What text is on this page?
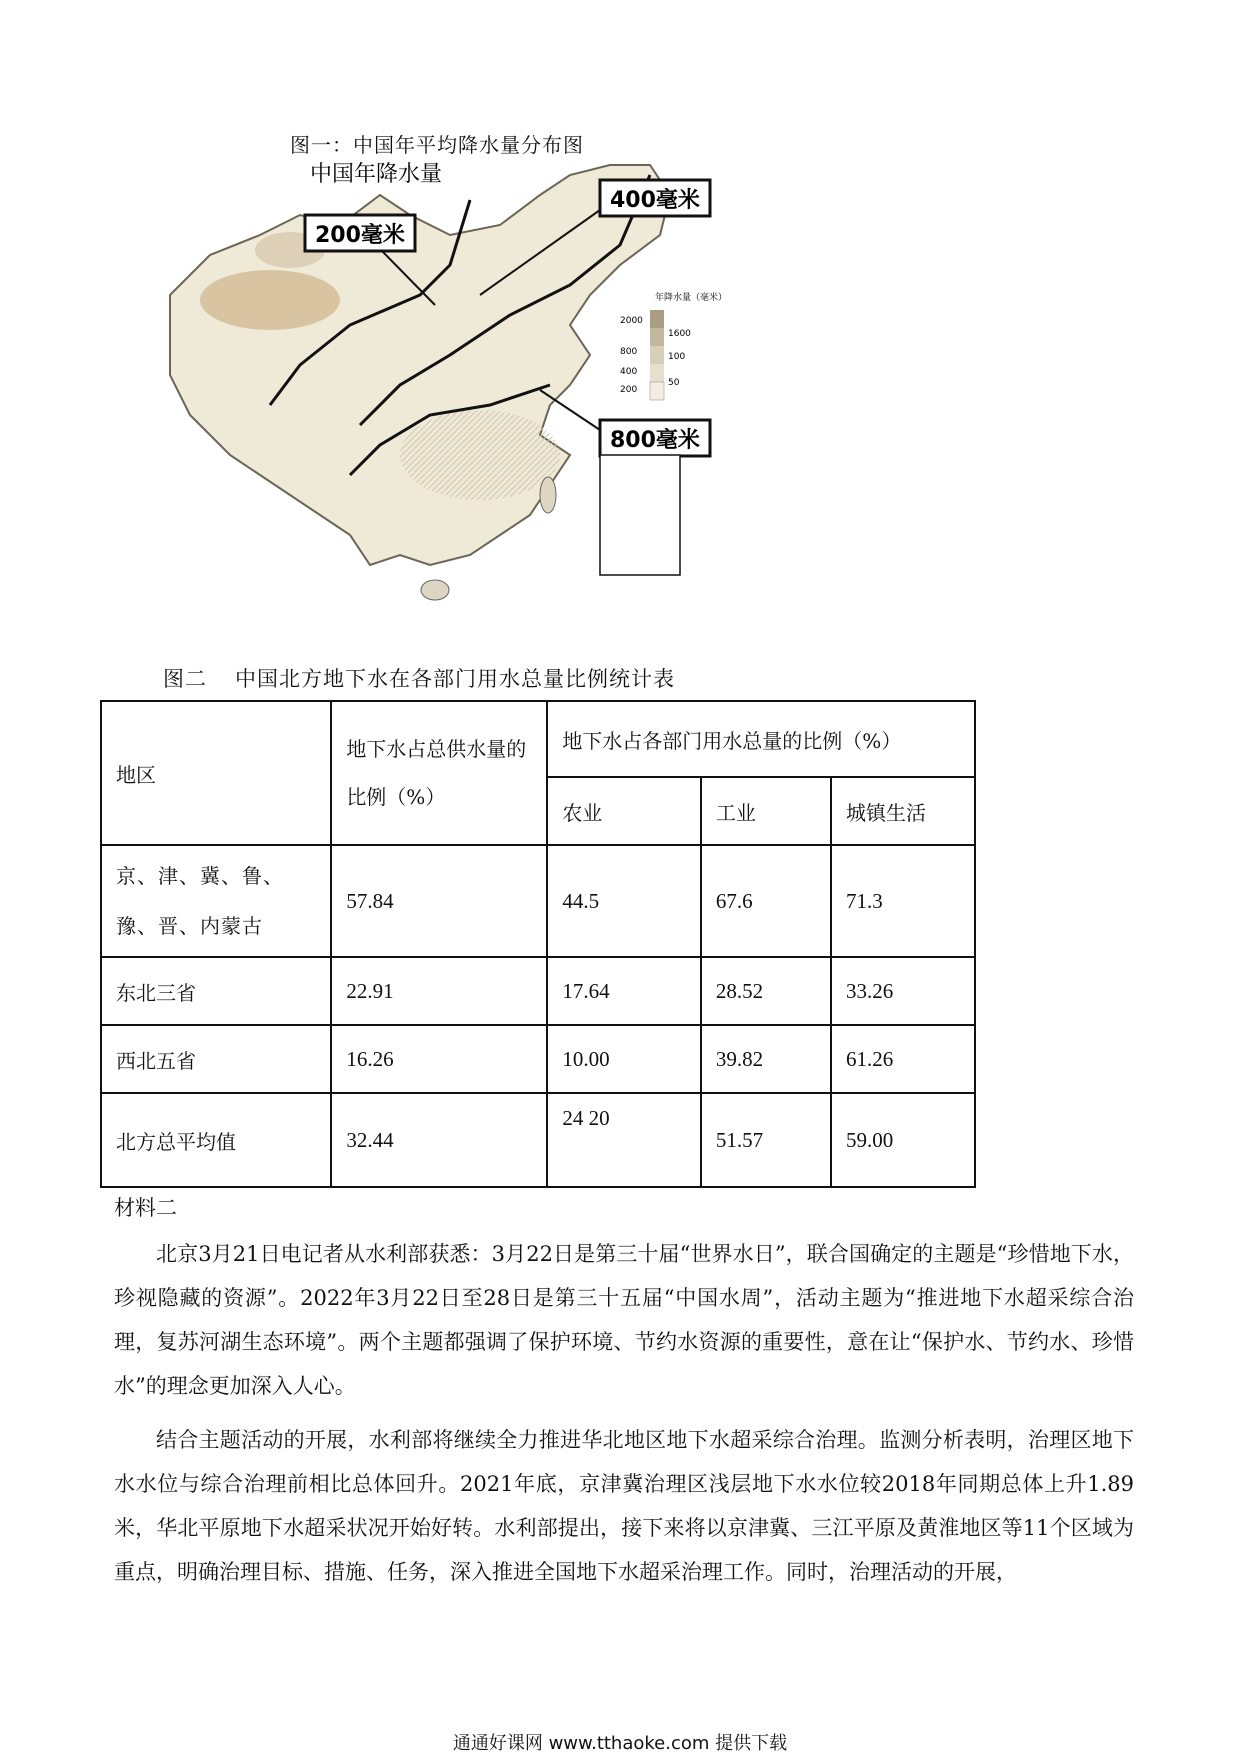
图一：中国年平均降水量分布图
中国年降水量
200毫米
400毫米
800毫米
年降水量（毫米）
2000
1600
800	100
400
200
50
图二 中国北方地下水在各部门用水总量比例统计表
地区	地下水占总供水量的比例（%）	地下水占各部门用水总量的比例（%）		
		农业	工业	城镇生活
京、津、冀、鲁、豫、晋、内蒙古	57.84	44.5	67.6	71.3
东北三省	22.91	17.64	28.52	33.26
西北五省	16.26	10.00	39.82	61.26
北方总平均值	32.44	24 20	51.57	59.00
材料二
北京3月21日电记者从水利部获悉：3月22日是第三十届“世界水日”，联合国确定的主题是“珍惜地下水，珍视隐藏的资源”。2022年3月22日至28日是第三十五届“中国水周”，活动主题为“推进地下水超采综合治理，复苏河湖生态环境”。两个主题都强调了保护环境、节约水资源的重要性，意在让“保护水、节约水、珍惜水”的理念更加深入人心。
结合主题活动的开展，水利部将继续全力推进华北地区地下水超采综合治理。监测分析表明，治理区地下水水位与综合治理前相比总体回升。2021年底，京津冀治理区浅层地下水水位较2018年同期总体上升1.89米，华北平原地下水超采状况开始好转。水利部提出，接下来将以京津冀、三江平原及黄淮地区等11个区域为重点，明确治理目标、措施、任务，深入推进全国地下水超采治理工作。同时，治理活动的开展，
通通好课网 www.tthaoke.com 提供下载
